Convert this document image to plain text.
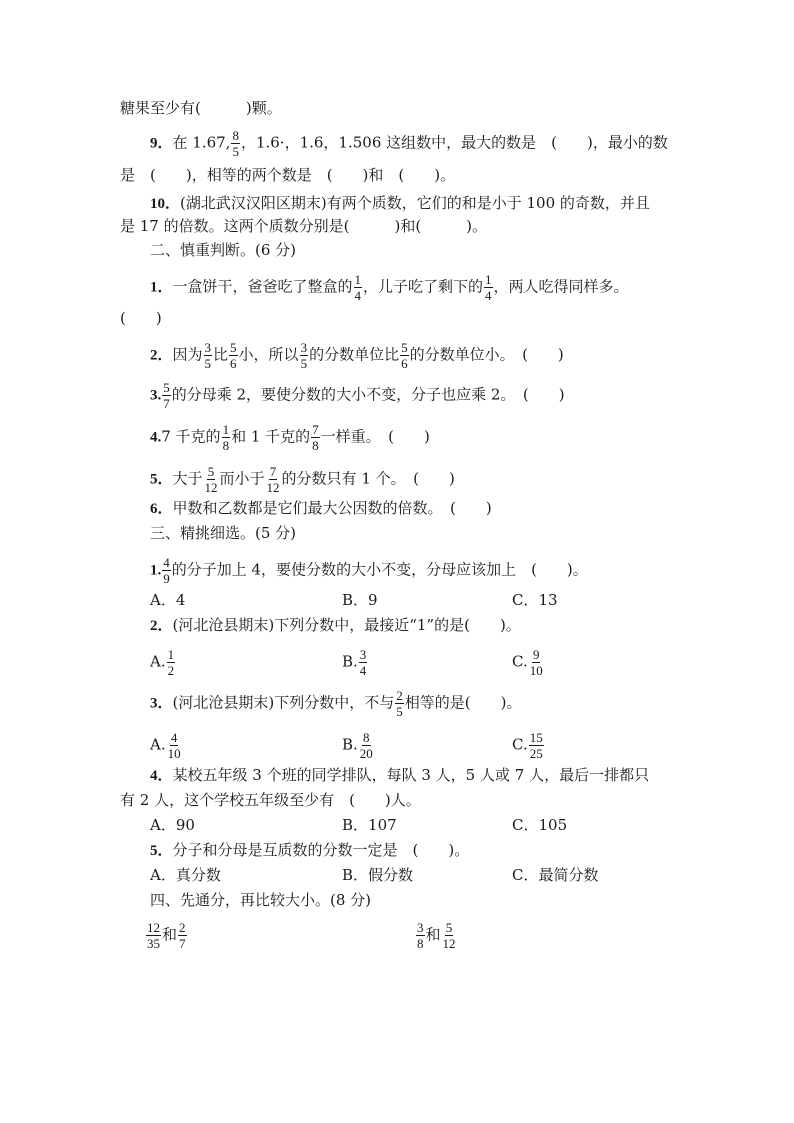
糖果至少有(　　　)颗。
9．在 1.67, $\frac{8}{5}$ ，1.6·，1.6，1.506 这组数中，最大的数是　(　　)，最小的数
是　(　　)，相等的两个数是　(　　)和　(　　)。
10．(湖北武汉汉阳区期末)有两个质数，它们的和是小于 100 的奇数，并且
是 17 的倍数。这两个质数分别是(　　　)和(　　　)。
二、慎重判断。(6 分)
1．一盒饼干，爸爸吃了整盒的 $\frac{1}{4}$ ，儿子吃了剩下的 $\frac{1}{4}$ ，两人吃得同样多。
(　　)
2．因为 $\frac{3}{5}$ 比 $\frac{5}{6}$ 小，所以 $\frac{3}{5}$ 的分数单位比 $\frac{5}{6}$ 的分数单位小。　(　　)
3. $\frac{5}{7}$ 的分母乘 2，要使分数的大小不变，分子也应乘 2。　(　　)
4.7 千克的 $\frac{1}{8}$ 和 1 千克的 $\frac{7}{8}$ 一样重。　(　　)
5．大于 $\frac{5}{12}$ 而小于 $\frac{7}{12}$ 的分数只有 1 个。　(　　)
6．甲数和乙数都是它们最大公因数的倍数。　(　　)
三、精挑细选。(5 分)
1. $\frac{4}{9}$ 的分子加上 4，要使分数的大小不变，分母应该加上　(　　)。
A．4	B．9	C．13
2．(河北沧县期末)下列分数中，最接近“1”的是(　　)。
A. $\frac{1}{2}$	B. $\frac{3}{4}$	C. $\frac{9}{10}$
3．(河北沧县期末)下列分数中，不与 $\frac{2}{5}$ 相等的是(　　)。
A. $\frac{4}{10}$	B. $\frac{8}{20}$	C. $\frac{15}{25}$
4．某校五年级 3 个班的同学排队，每队 3 人，5 人或 7 人，最后一排都只
有 2 人，这个学校五年级至少有　(　　)人。
A．90	B．107	C．105
5．分子和分母是互质数的分数一定是　(　　)。
A．真分数	B．假分数	C．最简分数
四、先通分，再比较大小。(8 分)
$\frac{12}{35}$ 和 $\frac{2}{7}$	$\frac{3}{8}$ 和 $\frac{5}{12}$
